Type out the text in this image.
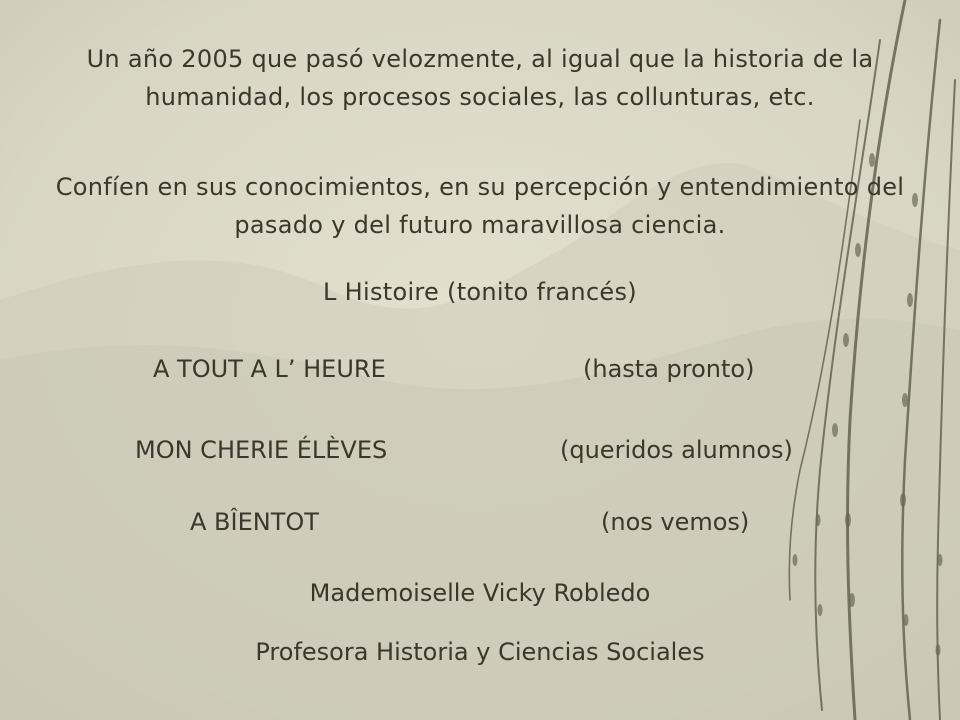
Un año 2005 que pasó velozmente, al igual que la historia de la humanidad, los procesos sociales, las collunturas, etc.
Confíen en sus conocimientos, en su percepción y entendimiento del pasado y del futuro maravillosa ciencia.
L Histoire (tonito francés)
A TOUT A L’ HEURE	(hasta pronto)
MON CHERIE ÉLÈVES	(queridos alumnos)
A BÎENTOT	(nos vemos)
Mademoiselle Vicky Robledo
Profesora Historia y Ciencias Sociales
